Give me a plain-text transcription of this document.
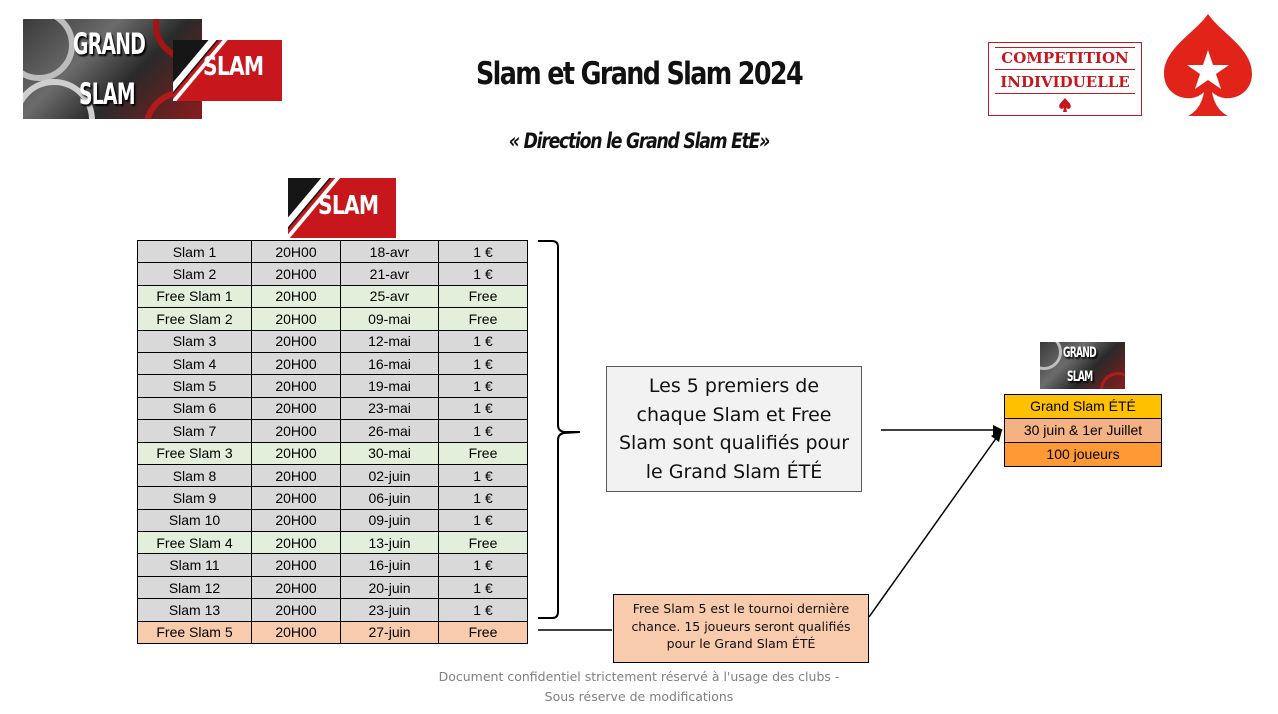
GRAND
SLAM
SLAM	Slam et Grand Slam 2024
« Direction le Grand Slam EtE»
COMPETITION
INDIVIDUELLE
SLAM
Slam 1	20H00	18-avr	1 €
Slam 2	20H00	21-avr	1 €
Free Slam 1	20H00	25-avr	Free
Free Slam 2	20H00	09-mai	Free
Slam 3	20H00	12-mai	1 €
Slam 4	20H00	16-mai	1 €
Slam 5	20H00	19-mai	1 €
Slam 6	20H00	23-mai	1 €
Slam 7	20H00	26-mai	1 €
Free Slam 3	20H00	30-mai	Free
Slam 8	20H00	02-juin	1 €
Slam 9	20H00	06-juin	1 €
Slam 10	20H00	09-juin	1 €
Free Slam 4	20H00	13-juin	Free
Slam 11	20H00	16-juin	1 €
Slam 12	20H00	20-juin	1 €
Slam 13	20H00	23-juin	1 €
Free Slam 5	20H00	27-juin	Free
Les 5 premiers de
chaque Slam et Free
Slam sont qualifiés pour
le Grand Slam ÉTÉ
GRAND
SLAM
Grand Slam ÉTÉ
30 juin & 1er Juillet
100 joueurs
Free Slam 5 est le tournoi dernière
chance. 15 joueurs seront qualifiés
pour le Grand Slam ÉTÉ
Document confidentiel strictement réservé à l'usage des clubs -
Sous réserve de modifications
